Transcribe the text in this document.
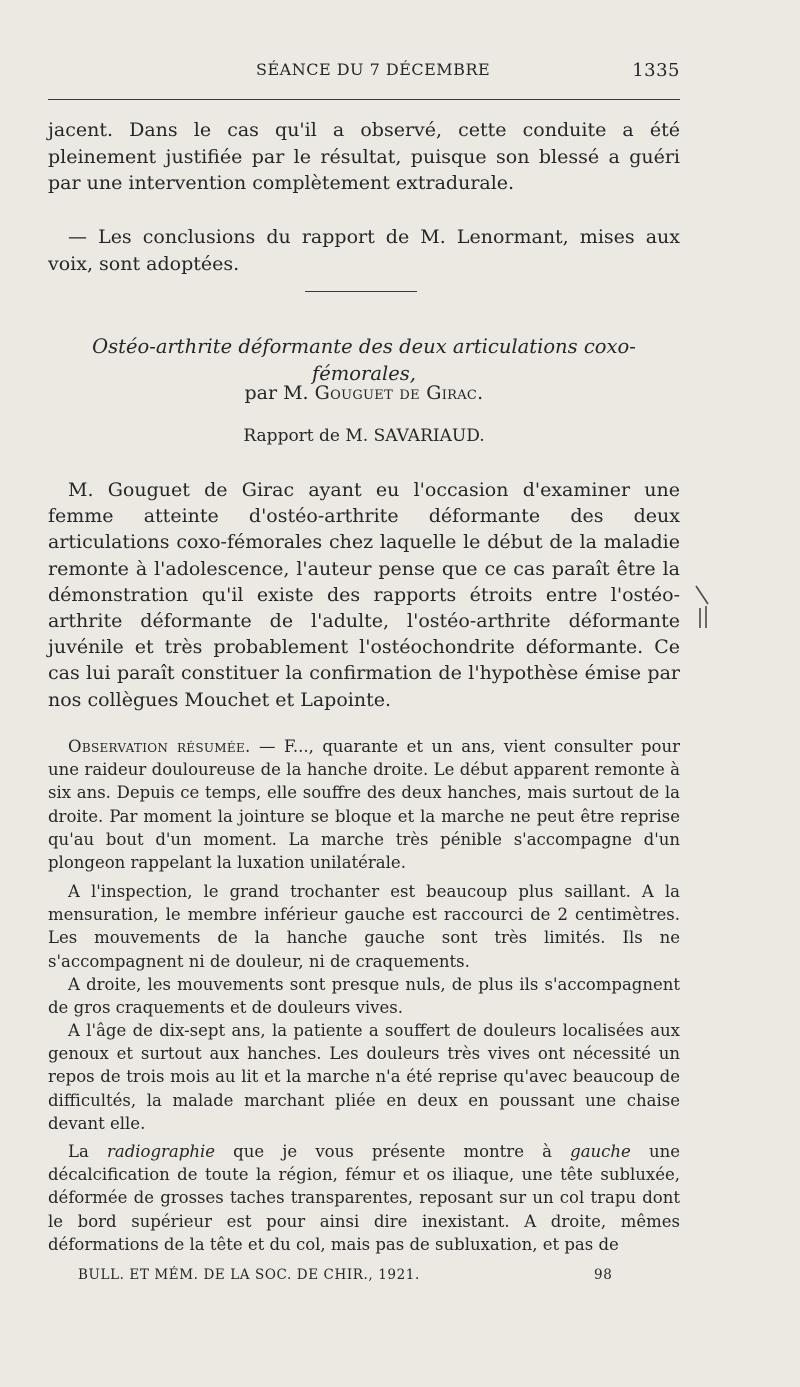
SÉANCE DU 7 DÉCEMBRE	1335

jacent. Dans le cas qu'il a observé, cette conduite a été pleinement justifiée par le résultat, puisque son blessé a guéri par une intervention complètement extradurale.

— Les conclusions du rapport de M. Lenormant, mises aux voix, sont adoptées.

Ostéo-arthrite déformante des deux articulations coxo-fémorales,

par M. Gouguet de Girac.

Rapport de M. SAVARIAUD.

M. Gouguet de Girac ayant eu l'occasion d'examiner une femme atteinte d'ostéo-arthrite déformante des deux articulations coxo-fémorales chez laquelle le début de la maladie remonte à l'adolescence, l'auteur pense que ce cas paraît être la démonstration qu'il existe des rapports étroits entre l'ostéo-arthrite déformante de l'adulte, l'ostéo-arthrite déformante juvénile et très probablement l'ostéochondrite déformante. Ce cas lui paraît constituer la confirmation de l'hypothèse émise par nos collègues Mouchet et Lapointe.

Observation résumée. — F..., quarante et un ans, vient consulter pour une raideur douloureuse de la hanche droite. Le début apparent remonte à six ans. Depuis ce temps, elle souffre des deux hanches, mais surtout de la droite. Par moment la jointure se bloque et la marche ne peut être reprise qu'au bout d'un moment. La marche très pénible s'accompagne d'un plongeon rappelant la luxation unilatérale.

A l'inspection, le grand trochanter est beaucoup plus saillant. A la mensuration, le membre inférieur gauche est raccourci de 2 centimètres. Les mouvements de la hanche gauche sont très limités. Ils ne s'accompagnent ni de douleur, ni de craquements.

A droite, les mouvements sont presque nuls, de plus ils s'accompagnent de gros craquements et de douleurs vives.

A l'âge de dix-sept ans, la patiente a souffert de douleurs localisées aux genoux et surtout aux hanches. Les douleurs très vives ont nécessité un repos de trois mois au lit et la marche n'a été reprise qu'avec beaucoup de difficultés, la malade marchant pliée en deux en poussant une chaise devant elle.

La radiographie que je vous présente montre à gauche une décalcification de toute la région, fémur et os iliaque, une tête subluxée, déformée de grosses taches transparentes, reposant sur un col trapu dont le bord supérieur est pour ainsi dire inexistant. A droite, mêmes déformations de la tête et du col, mais pas de subluxation, et pas de

BULL. ET MÉM. DE LA SOC. DE CHIR., 1921.	98
